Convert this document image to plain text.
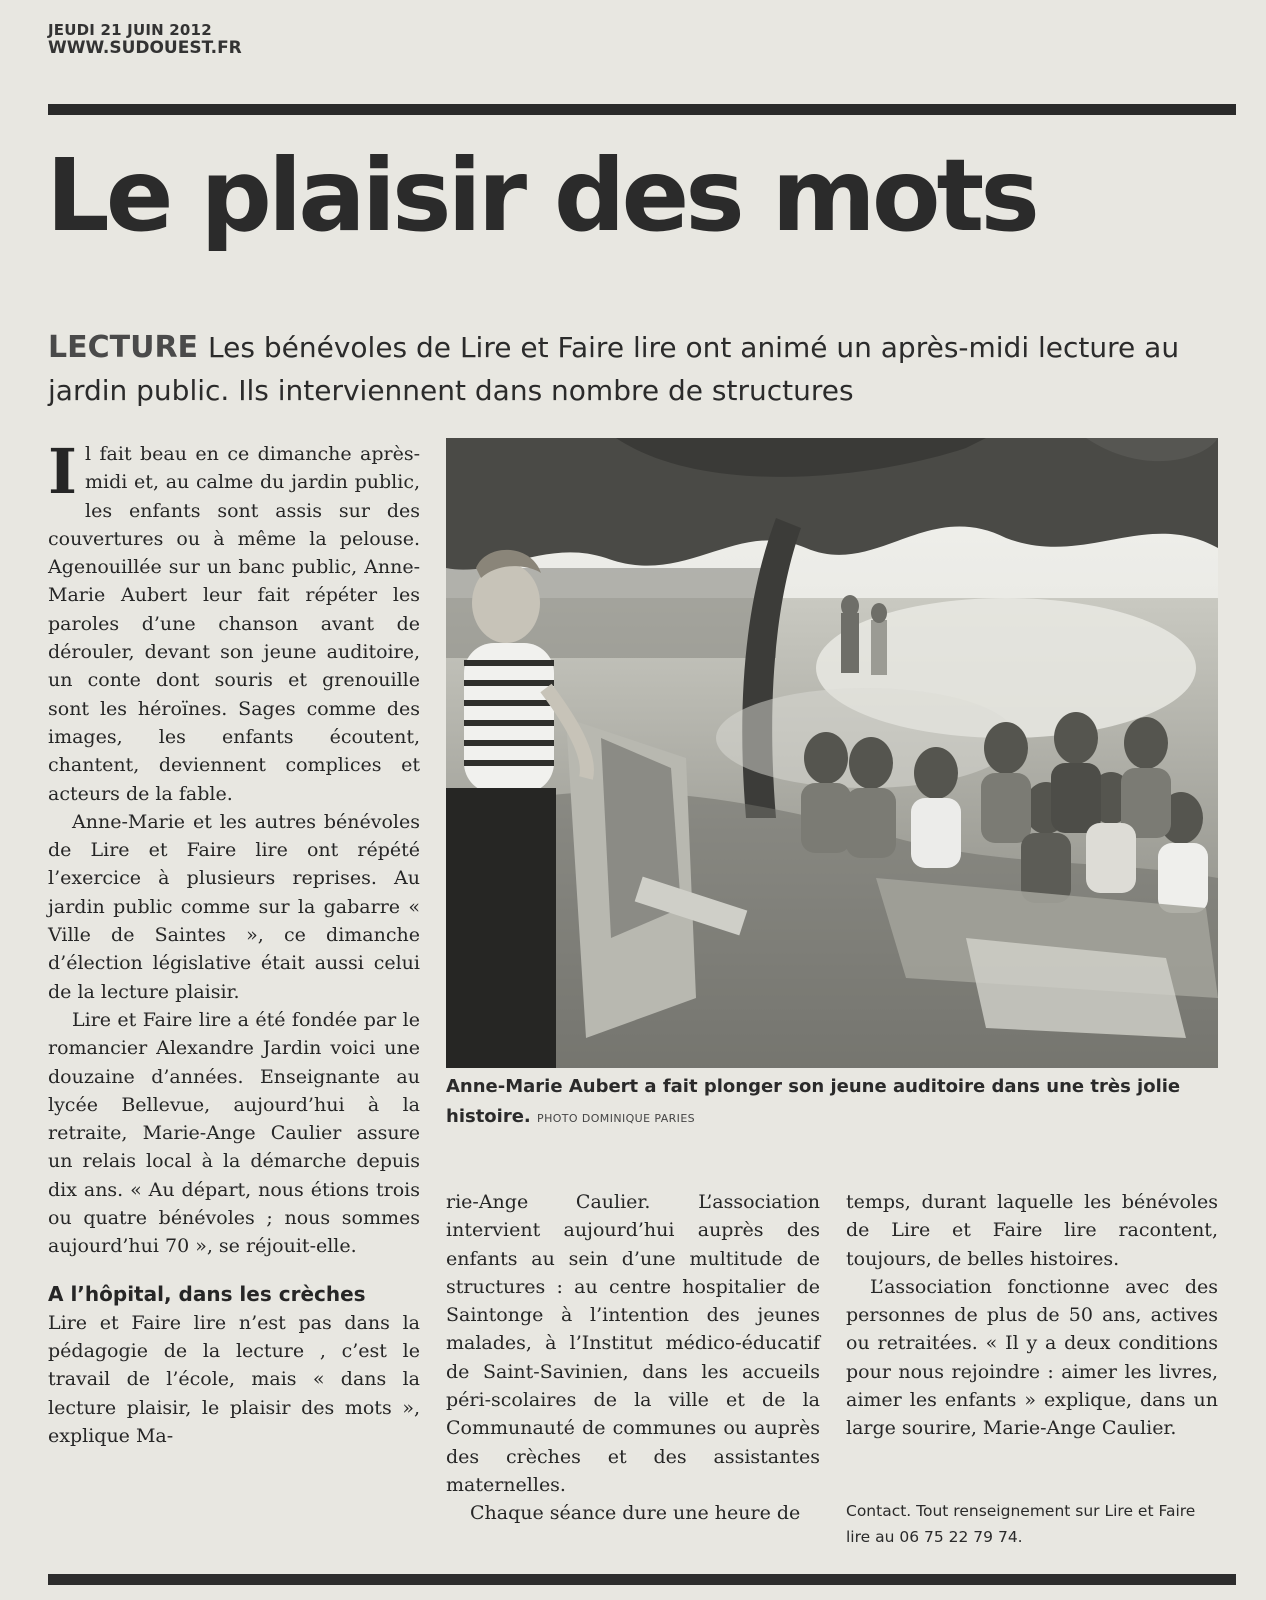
JEUDI 21 JUIN 2012
WWW.SUDOUEST.FR
Le plaisir des mots
LECTURE Les bénévoles de Lire et Faire lire ont animé un après-midi lecture au jardin public. Ils interviennent dans nombre de structures

Il fait beau en ce dimanche après-midi et, au calme du jardin public, les enfants sont assis sur des couvertures ou à même la pelouse. Agenouillée sur un banc public, Anne-Marie Aubert leur fait répéter les paroles d’une chanson avant de dérouler, devant son jeune auditoire, un conte dont souris et grenouille sont les héroïnes. Sages comme des images, les enfants écoutent, chantent, deviennent complices et acteurs de la fable.

Anne-Marie et les autres bénévoles de Lire et Faire lire ont répété l’exercice à plusieurs reprises. Au jardin public comme sur la gabarre « Ville de Saintes », ce dimanche d’élection législative était aussi celui de la lecture plaisir.

Lire et Faire lire a été fondée par le romancier Alexandre Jardin voici une douzaine d’années. Enseignante au lycée Bellevue, aujourd’hui à la retraite, Marie-Ange Caulier assure un relais local à la démarche depuis dix ans. « Au départ, nous étions trois ou quatre bénévoles ; nous sommes aujourd’hui 70 », se réjouit-elle.

A l’hôpital, dans les crèches

Lire et Faire lire n’est pas dans la pédagogie de la lecture , c’est le travail de l’école, mais « dans la lecture plaisir, le plaisir des mots », explique Ma-

Anne-Marie Aubert a fait plonger son jeune auditoire dans une très jolie histoire. PHOTO DOMINIQUE PARIES

rie-Ange Caulier. L’association intervient aujourd’hui auprès des enfants au sein d’une multitude de structures : au centre hospitalier de Saintonge à l’intention des jeunes malades, à l’Institut médico-éducatif de Saint-Savinien, dans les accueils péri-scolaires de la ville et de la Communauté de communes ou auprès des crèches et des assistantes maternelles.

Chaque séance dure une heure de

temps, durant laquelle les bénévoles de Lire et Faire lire racontent, toujours, de belles histoires.

L’association fonctionne avec des personnes de plus de 50 ans, actives ou retraitées. « Il y a deux conditions pour nous rejoindre : aimer les livres, aimer les enfants » explique, dans un large sourire, Marie-Ange Caulier.

Contact. Tout renseignement sur Lire et Faire lire au 06 75 22 79 74.
